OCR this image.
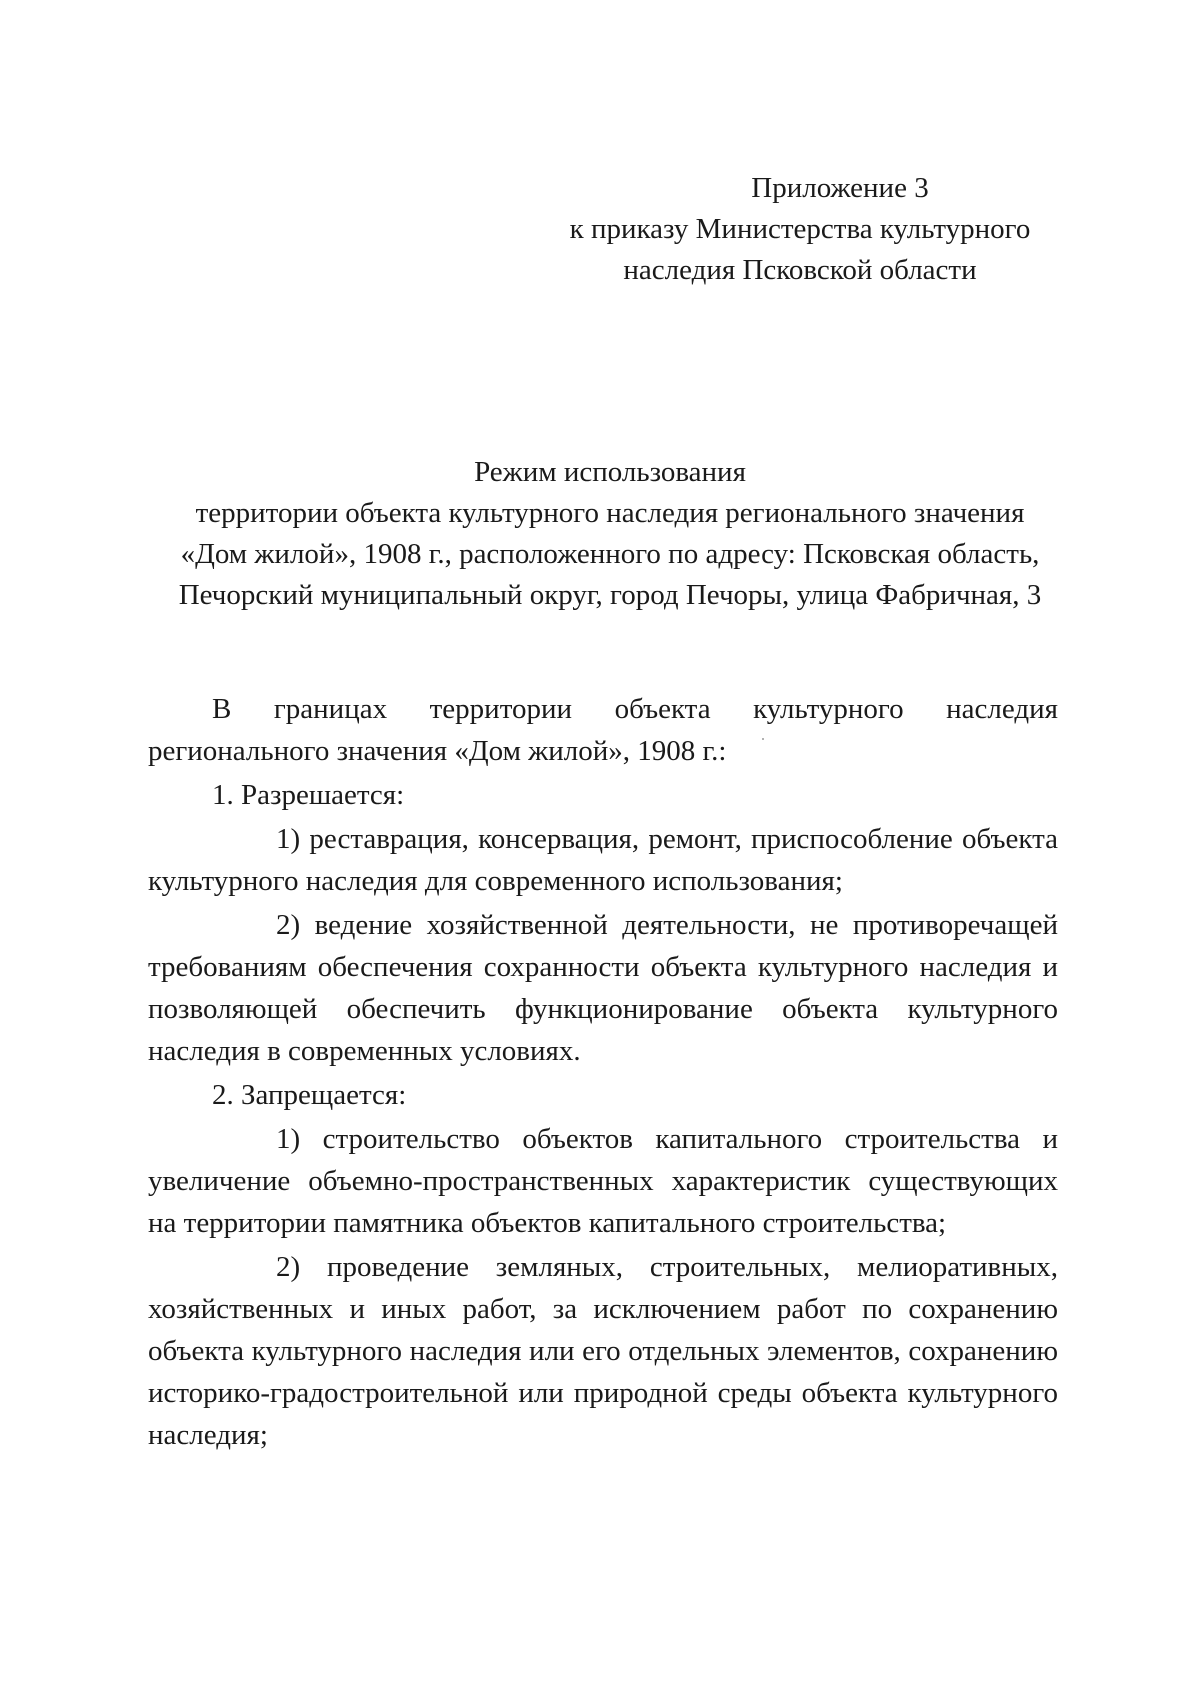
Приложение 3
к приказу Министерства культурного
наследия Псковской области
Режим использования
территории объекта культурного наследия регионального значения
«Дом жилой», 1908 г., расположенного по адресу: Псковская область,
Печорский муниципальный округ, город Печоры, улица Фабричная, 3

В границах территории объекта культурного наследия регионального значения «Дом жилой», 1908 г.:

1. Разрешается:

1) реставрация, консервация, ремонт, приспособление объекта культурного наследия для современного использования;

2) ведение хозяйственной деятельности, не противоречащей требованиям обеспечения сохранности объекта культурного наследия и позволяющей обеспечить функционирование объекта культурного наследия в современных условиях.

2. Запрещается:

1) строительство объектов капитального строительства и увеличение объемно-пространственных характеристик существующих на территории памятника объектов капитального строительства;

2) проведение земляных, строительных, мелиоративных, хозяйственных и иных работ, за исключением работ по сохранению объекта культурного наследия или его отдельных элементов, сохранению историко-градостроительной или природной среды объекта культурного наследия;
